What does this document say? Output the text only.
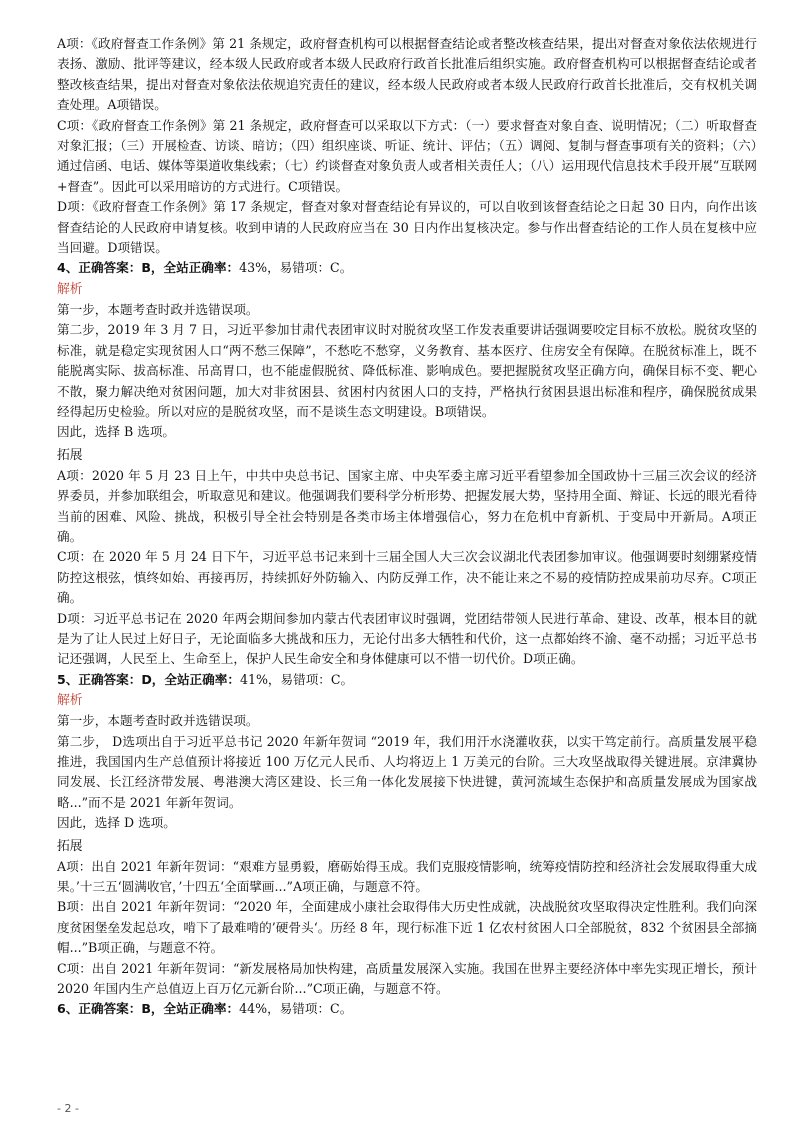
A项：《政府督查工作条例》第 21 条规定，政府督查机构可以根据督查结论或者整改核查结果，提出对督查对象依法依规进行表扬、激励、批评等建议，经本级人民政府或者本级人民政府行政首长批准后组织实施。政府督查机构可以根据督查结论或者整改核查结果，提出对督查对象依法依规追究责任的建议，经本级人民政府或者本级人民政府行政首长批准后，交有权机关调查处理。A项错误。

C项：《政府督查工作条例》第 21 条规定，政府督查可以采取以下方式：（一）要求督查对象自查、说明情况；（二）听取督查对象汇报；（三）开展检查、访谈、暗访；（四）组织座谈、听证、统计、评估；（五）调阅、复制与督查事项有关的资料；（六）通过信函、电话、媒体等渠道收集线索；（七）约谈督查对象负责人或者相关责任人；（八）运用现代信息技术手段开展“互联网+督查”。因此可以采用暗访的方式进行。C项错误。

D项：《政府督查工作条例》第 17 条规定，督查对象对督查结论有异议的，可以自收到该督查结论之日起 30 日内，向作出该督查结论的人民政府申请复核。收到申请的人民政府应当在 30 日内作出复核决定。参与作出督查结论的工作人员在复核中应当回避。D项错误。

4、正确答案：B，全站正确率：43%，易错项：C。

解析

第一步，本题考查时政并选错误项。

第二步，2019 年 3 月 7 日，习近平参加甘肃代表团审议时对脱贫攻坚工作发表重要讲话强调要咬定目标不放松。脱贫攻坚的标准，就是稳定实现贫困人口“两不愁三保障”，不愁吃不愁穿，义务教育、基本医疗、住房安全有保障。在脱贫标准上，既不能脱离实际、拔高标准、吊高胃口，也不能虚假脱贫、降低标准、影响成色。要把握脱贫攻坚正确方向，确保目标不变、靶心不散，聚力解决绝对贫困问题，加大对非贫困县、贫困村内贫困人口的支持，严格执行贫困县退出标准和程序，确保脱贫成果经得起历史检验。所以对应的是脱贫攻坚，而不是谈生态文明建设。B项错误。

因此，选择 B 选项。

拓展

A项：2020 年 5 月 23 日上午，中共中央总书记、国家主席、中央军委主席习近平看望参加全国政协十三届三次会议的经济界委员，并参加联组会，听取意见和建议。他强调我们要科学分析形势、把握发展大势，坚持用全面、辩证、长远的眼光看待当前的困难、风险、挑战，积极引导全社会特别是各类市场主体增强信心，努力在危机中育新机、于变局中开新局。A项正确。

C项：在 2020 年 5 月 24 日下午，习近平总书记来到十三届全国人大三次会议湖北代表团参加审议。他强调要时刻绷紧疫情防控这根弦，慎终如始、再接再厉，持续抓好外防输入、内防反弹工作，决不能让来之不易的疫情防控成果前功尽弃。C项正确。

D项：习近平总书记在 2020 年两会期间参加内蒙古代表团审议时强调，党团结带领人民进行革命、建设、改革，根本目的就是为了让人民过上好日子，无论面临多大挑战和压力，无论付出多大牺牲和代价，这一点都始终不渝、毫不动摇；习近平总书记还强调，人民至上、生命至上，保护人民生命安全和身体健康可以不惜一切代价。D项正确。

5、正确答案：D，全站正确率：41%，易错项：C。

解析

第一步，本题考查时政并选错误项。

第二步， D选项出自于习近平总书记 2020 年新年贺词 “2019 年，我们用汗水浇灌收获，以实干笃定前行。高质量发展平稳推进，我国国内生产总值预计将接近 100 万亿元人民币、人均将迈上 1 万美元的台阶。三大攻坚战取得关键进展。京津冀协同发展、长江经济带发展、粤港澳大湾区建设、长三角一体化发展接下快进键，黄河流域生态保护和高质量发展成为国家战略...”而不是 2021 年新年贺词。

因此，选择 D 选项。

拓展

A项：出自 2021 年新年贺词：“艰难方显勇毅，磨砺始得玉成。我们克服疫情影响，统筹疫情防控和经济社会发展取得重大成果。’十三五‘圆满收官，’十四五‘全面擘画...”A项正确，与题意不符。

B项：出自 2021 年新年贺词：“2020 年，全面建成小康社会取得伟大历史性成就，决战脱贫攻坚取得决定性胜利。我们向深度贫困堡垒发起总攻，啃下了最难啃的’硬骨头‘。历经 8 年，现行标准下近 1 亿农村贫困人口全部脱贫，832 个贫困县全部摘帽...”B项正确，与题意不符。

C项：出自 2021 年新年贺词：“新发展格局加快构建，高质量发展深入实施。我国在世界主要经济体中率先实现正增长，预计 2020 年国内生产总值迈上百万亿元新台阶...”C项正确，与题意不符。

6、正确答案：B，全站正确率：44%，易错项：C。

- 2 -
